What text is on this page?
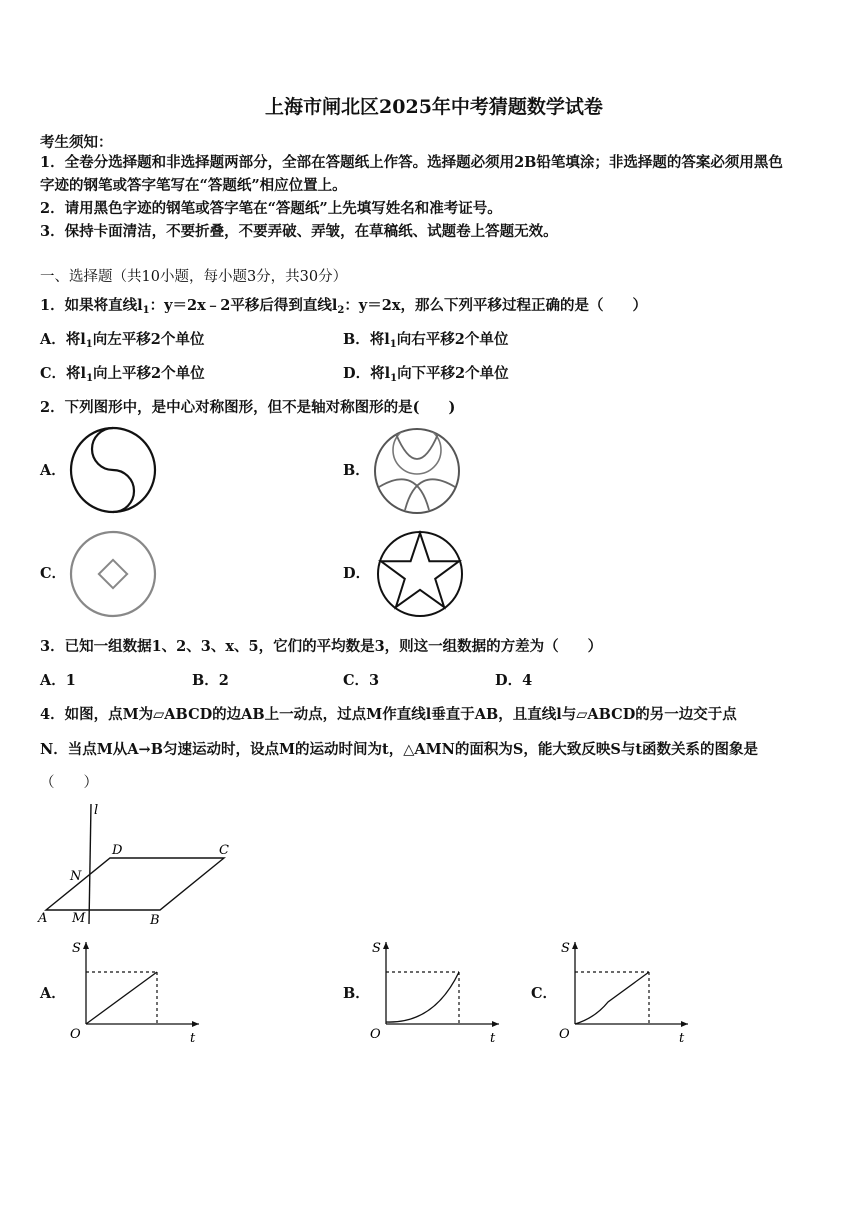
上海市闸北区2025年中考猜题数学试卷
考生须知：
1．全卷分选择题和非选择题两部分，全部在答题纸上作答。选择题必须用2B铅笔填涂；非选择题的答案必须用黑色
字迹的钢笔或答字笔写在“答题纸”相应位置上。
2．请用黑色字迹的钢笔或答字笔在“答题纸”上先填写姓名和准考证号。
3．保持卡面清洁，不要折叠，不要弄破、弄皱，在草稿纸、试题卷上答题无效。
一、选择题（共10小题，每小题3分，共30分）
1．如果将直线$l_1$：y＝2x﹣2平移后得到直线$l_2$：y＝2x，那么下列平移过程正确的是（　　）
A．将$l_1$向左平移2个单位	B．将$l_1$向右平移2个单位
C．将$l_1$向上平移2个单位	D．将$l_1$向下平移2个单位
2．下列图形中，是中心对称图形，但不是轴对称图形的是(　　)
A．	B．
C．	D．
3．已知一组数据1、2、3、x、5，它们的平均数是3，则这一组数据的方差为（　　）
A．1	B．2	C．3	D．4
4．如图，点M为▱ABCD的边AB上一动点，过点M作直线l垂直于AB，且直线l与▱ABCD的另一边交于点
N．当点M从A→B匀速运动时，设点M的运动时间为t，△AMN的面积为S，能大致反映S与t函数关系的图象是
（　　）
l
D	C
N
A M	B
A．
S
O	t
B．
S
O	t
C．
S
O	t
